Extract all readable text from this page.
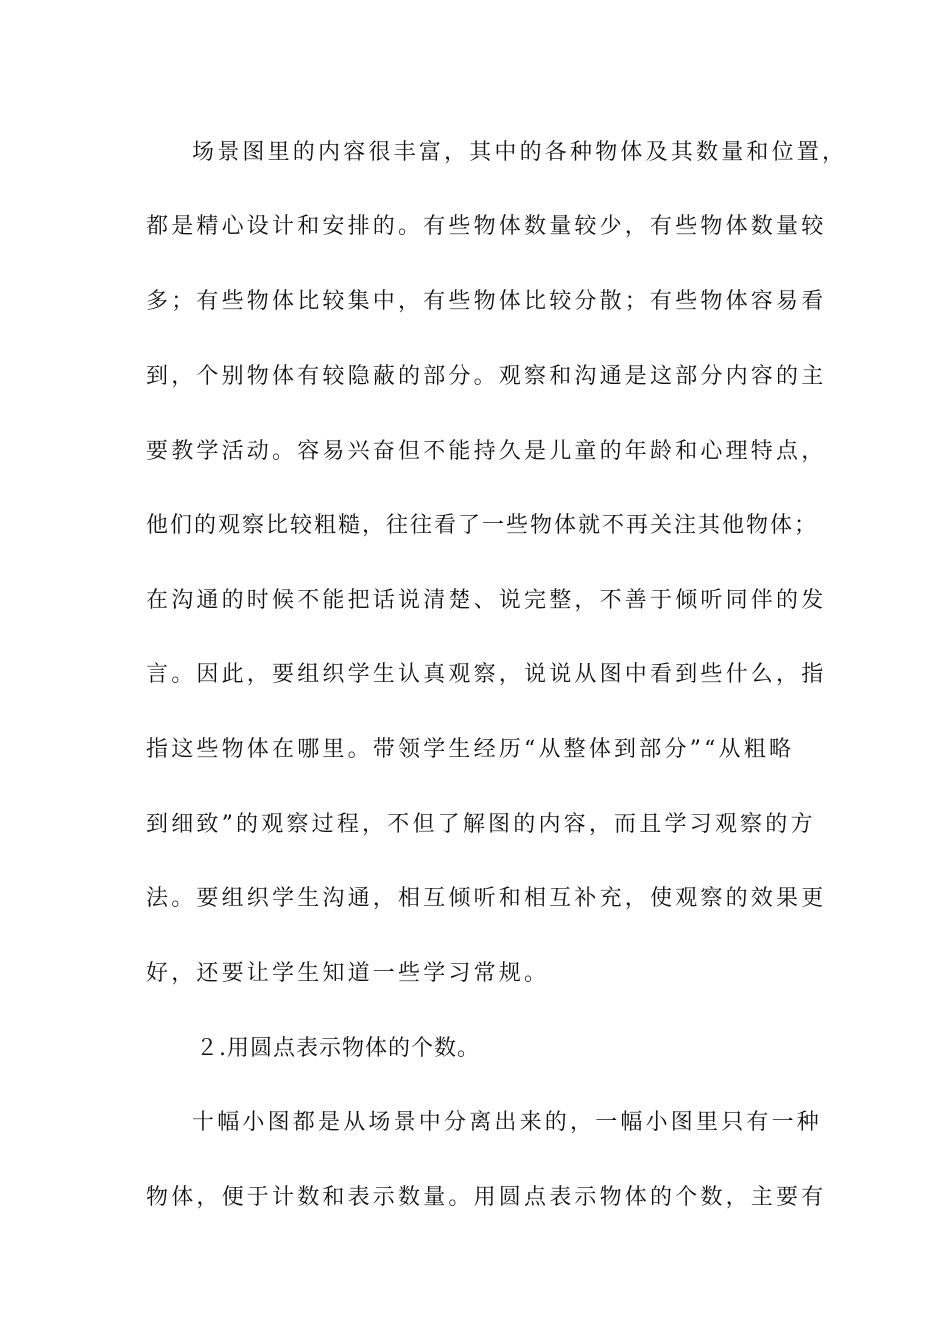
场景图里的内容很丰富，其中的各种物体及其数量和位置，
都是精心设计和安排的。有些物体数量较少，有些物体数量较
多；有些物体比较集中，有些物体比较分散；有些物体容易看
到，个别物体有较隐蔽的部分。观察和沟通是这部分内容的主
要教学活动。容易兴奋但不能持久是儿童的年龄和心理特点，
他们的观察比较粗糙，往往看了一些物体就不再关注其他物体；
在沟通的时候不能把话说清楚、说完整，不善于倾听同伴的发
言。因此，要组织学生认真观察，说说从图中看到些什么，指
指这些物体在哪里。带领学生经历“从整体到部分”“从粗略
到细致”的观察过程，不但了解图的内容，而且学习观察的方
法。要组织学生沟通，相互倾听和相互补充，使观察的效果更
好，还要让学生知道一些学习常规。
２.用圆点表示物体的个数。
十幅小图都是从场景中分离出来的，一幅小图里只有一种
物体，便于计数和表示数量。用圆点表示物体的个数，主要有
